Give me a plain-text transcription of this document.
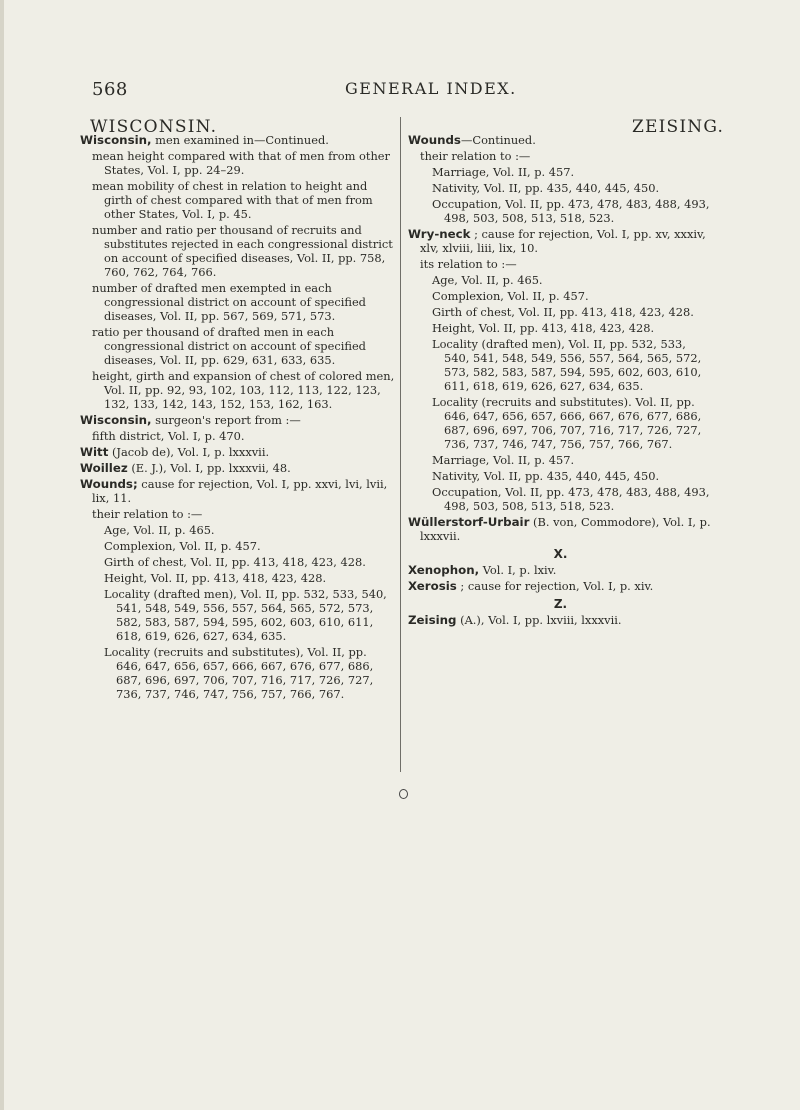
568	GENERAL INDEX.
WISCONSIN.	ZEISING.
Wisconsin, men examined in—Continued.
mean height compared with that of men from other States, Vol. I, pp. 24–29.
mean mobility of chest in relation to height and girth of chest compared with that of men from other States, Vol. I, p. 45.
number and ratio per thousand of recruits and substitutes rejected in each congressional district on account of specified diseases, Vol. II, pp. 758, 760, 762, 764, 766.
number of drafted men exempted in each congressional district on account of specified diseases, Vol. II, pp. 567, 569, 571, 573.
ratio per thousand of drafted men in each congressional district on account of specified diseases, Vol. II, pp. 629, 631, 633, 635.
height, girth and expansion of chest of colored men, Vol. II, pp. 92, 93, 102, 103, 112, 113, 122, 123, 132, 133, 142, 143, 152, 153, 162, 163.
Wisconsin, surgeon's report from :—
fifth district, Vol. I, p. 470.
Witt (Jacob de), Vol. I, p. lxxxvii.
Woillez (E. J.), Vol. I, pp. lxxxvii, 48.
Wounds; cause for rejection, Vol. I, pp. xxvi, lvi, lvii, lix, 11.
their relation to :—
Age, Vol. II, p. 465.
Complexion, Vol. II, p. 457.
Girth of chest, Vol. II, pp. 413, 418, 423, 428.
Height, Vol. II, pp. 413, 418, 423, 428.
Locality (drafted men), Vol. II, pp. 532, 533, 540, 541, 548, 549, 556, 557, 564, 565, 572, 573, 582, 583, 587, 594, 595, 602, 603, 610, 611, 618, 619, 626, 627, 634, 635.
Locality (recruits and substitutes), Vol. II, pp. 646, 647, 656, 657, 666, 667, 676, 677, 686, 687, 696, 697, 706, 707, 716, 717, 726, 727, 736, 737, 746, 747, 756, 757, 766, 767.
Wounds—Continued.
their relation to :—
Marriage, Vol. II, p. 457.
Nativity, Vol. II, pp. 435, 440, 445, 450.
Occupation, Vol. II, pp. 473, 478, 483, 488, 493, 498, 503, 508, 513, 518, 523.
Wry-neck ; cause for rejection, Vol. I, pp. xv, xxxiv, xlv, xlviii, liii, lix, 10.
its relation to :—
Age, Vol. II, p. 465.
Complexion, Vol. II, p. 457.
Girth of chest, Vol. II, pp. 413, 418, 423, 428.
Height, Vol. II, pp. 413, 418, 423, 428.
Locality (drafted men), Vol. II, pp. 532, 533, 540, 541, 548, 549, 556, 557, 564, 565, 572, 573, 582, 583, 587, 594, 595, 602, 603, 610, 611, 618, 619, 626, 627, 634, 635.
Locality (recruits and substitutes). Vol. II, pp. 646, 647, 656, 657, 666, 667, 676, 677, 686, 687, 696, 697, 706, 707, 716, 717, 726, 727, 736, 737, 746, 747, 756, 757, 766, 767.
Marriage, Vol. II, p. 457.
Nativity, Vol. II, pp. 435, 440, 445, 450.
Occupation, Vol. II, pp. 473, 478, 483, 488, 493, 498, 503, 508, 513, 518, 523.
Wüllerstorf-Urbair (B. von, Commodore), Vol. I, p. lxxxvii.
X.
Xenophon, Vol. I, p. lxiv.
Xerosis ; cause for rejection, Vol. I, p. xiv.
Z.
Zeising (A.), Vol. I, pp. lxviii, lxxxvii.
